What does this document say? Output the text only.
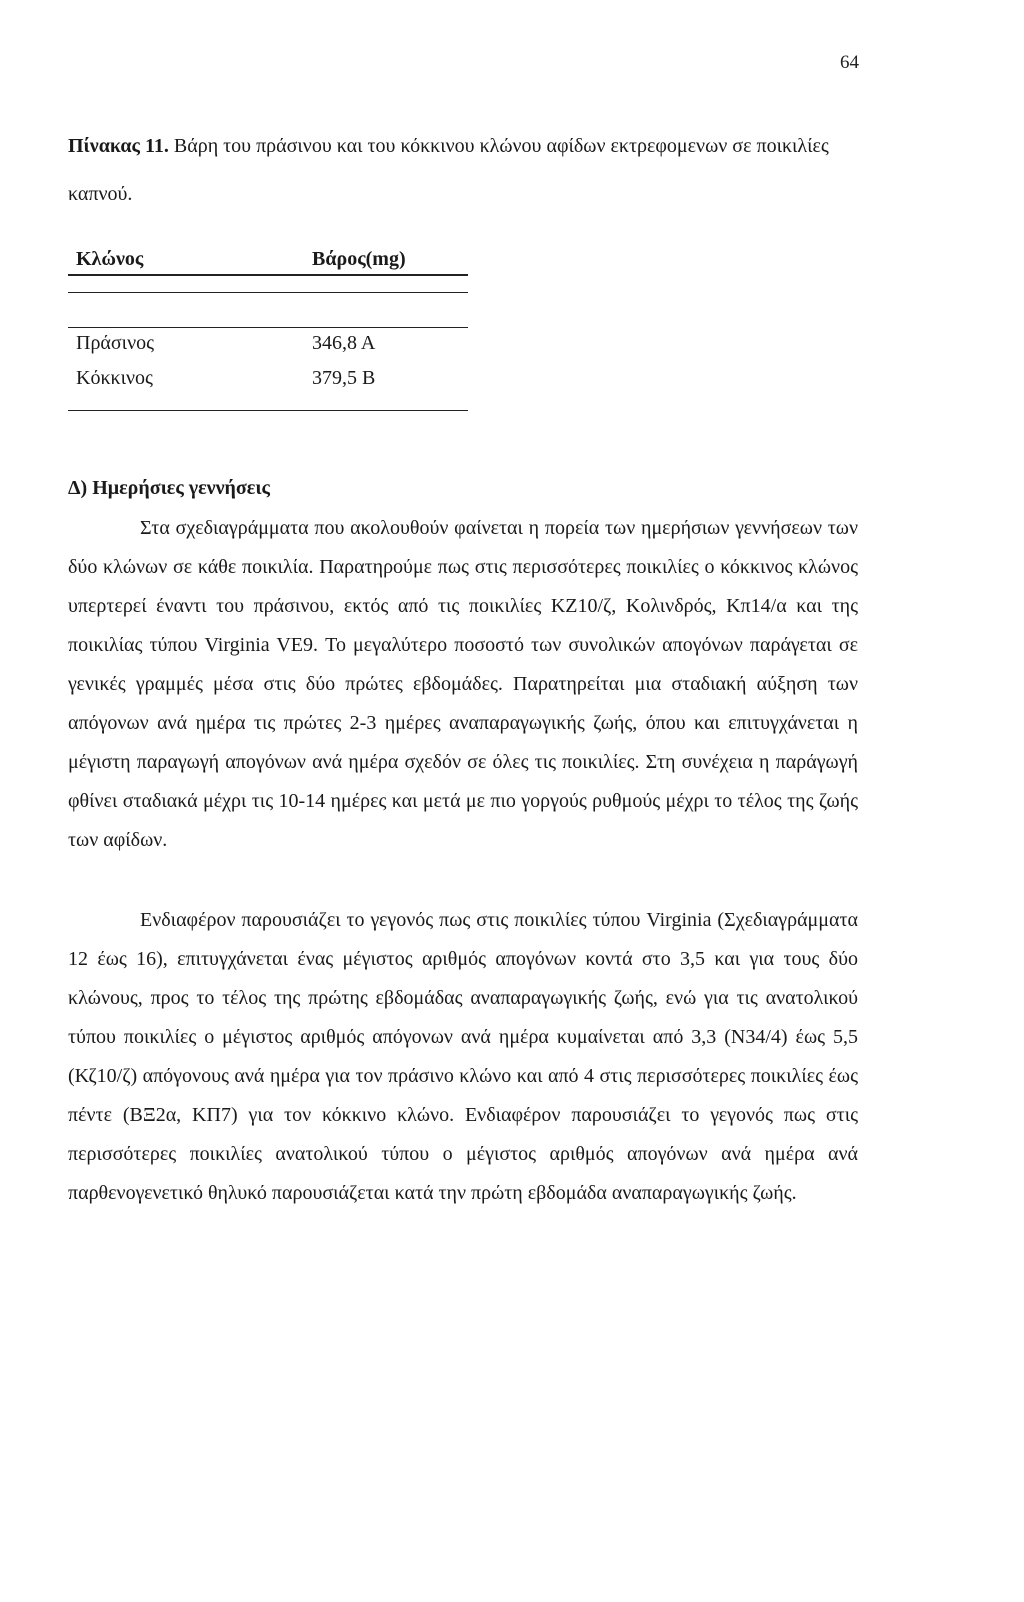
64
Πίνακας 11. Βάρη του πράσινου και του κόκκινου κλώνου αφίδων εκτρεφομενων σε ποικιλίες καπνού.
Κλώνος	Βάρος(mg)
Πράσινος	346,8 Α
Κόκκινος	379,5 Β
Δ) Ημερήσιες γεννήσεις

Στα σχεδιαγράμματα που ακολουθούν φαίνεται η πορεία των ημερήσιων γεννήσεων των δύο κλώνων σε κάθε ποικιλία. Παρατηρούμε πως στις περισσότερες ποικιλίες ο κόκκινος κλώνος υπερτερεί έναντι του πράσινου, εκτός από τις ποικιλίες ΚΖ10/ζ, Κολινδρός, Κπ14/α και της ποικιλίας τύπου Virginia VE9. Το μεγαλύτερο ποσοστό των συνολικών απογόνων παράγεται σε γενικές γραμμές μέσα στις δύο πρώτες εβδομάδες. Παρατηρείται μια σταδιακή αύξηση των απόγονων ανά ημέρα τις πρώτες 2-3 ημέρες αναπαραγωγικής ζωής, όπου και επιτυγχάνεται η μέγιστη παραγωγή απογόνων ανά ημέρα σχεδόν σε όλες τις ποικιλίες. Στη συνέχεια η παράγωγή φθίνει σταδιακά μέχρι τις 10-14 ημέρες και μετά με πιο γοργούς ρυθμούς μέχρι το τέλος της ζωής των αφίδων.

Ενδιαφέρον παρουσιάζει το γεγονός πως στις ποικιλίες τύπου Virginia (Σχεδιαγράμματα 12 έως 16), επιτυγχάνεται ένας μέγιστος αριθμός απογόνων κοντά στο 3,5 και για τους δύο κλώνους, προς το τέλος της πρώτης εβδομάδας αναπαραγωγικής ζωής, ενώ για τις ανατολικού τύπου ποικιλίες ο μέγιστος αριθμός απόγονων ανά ημέρα κυμαίνεται από 3,3 (Ν34/4) έως 5,5 (Κζ10/ζ) απόγονους ανά ημέρα για τον πράσινο κλώνο και από 4 στις περισσότερες ποικιλίες έως πέντε (ΒΞ2α, ΚΠ7) για τον κόκκινο κλώνο. Ενδιαφέρον παρουσιάζει το γεγονός πως στις περισσότερες ποικιλίες ανατολικού τύπου ο μέγιστος αριθμός απογόνων ανά ημέρα ανά παρθενογενετικό θηλυκό παρουσιάζεται κατά την πρώτη εβδομάδα αναπαραγωγικής ζωής.
